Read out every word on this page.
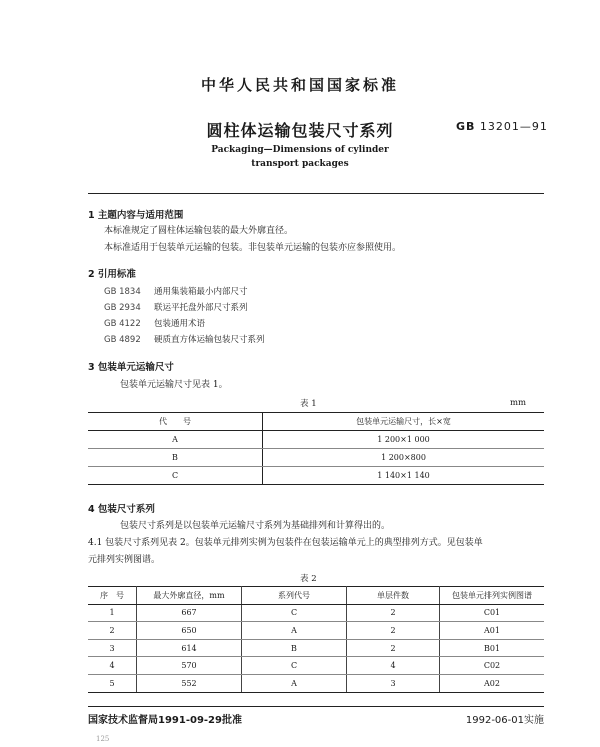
中华人民共和国国家标准
圆柱体运输包装尺寸系列	GB 13201—91
Packaging—Dimensions of cylinder
transport packages
1 主题内容与适用范围
本标准规定了圆柱体运输包装的最大外廓直径。
本标准适用于包装单元运输的包装。非包装单元运输的包装亦应参照使用。
2 引用标准
GB 1834 通用集装箱最小内部尺寸
GB 2934 联运平托盘外部尺寸系列
GB 4122 包装通用术语
GB 4892 硬质直方体运输包装尺寸系列
3 包装单元运输尺寸
包装单元运输尺寸见表 1。
表 1	mm
代　　号	包装单元运输尺寸，长×宽
A	1 200×1 000
B	1 200×800
C	1 140×1 140
4 包装尺寸系列
包装尺寸系列是以包装单元运输尺寸系列为基础排列和计算得出的。
4.1 包装尺寸系列见表 2。包装单元排列实例为包装件在包装运输单元上的典型排列方式。见包装单
元排列实例图谱。
表 2
序　号	最大外廓直径，mm	系列代号	单层件数	包装单元排列实例图谱
1	667	C	2	C01
2	650	A	2	A01
3	614	B	2	B01
4	570	C	4	C02
5	552	A	3	A02
国家技术监督局1991-09-29批准	1992-06-01实施
125
